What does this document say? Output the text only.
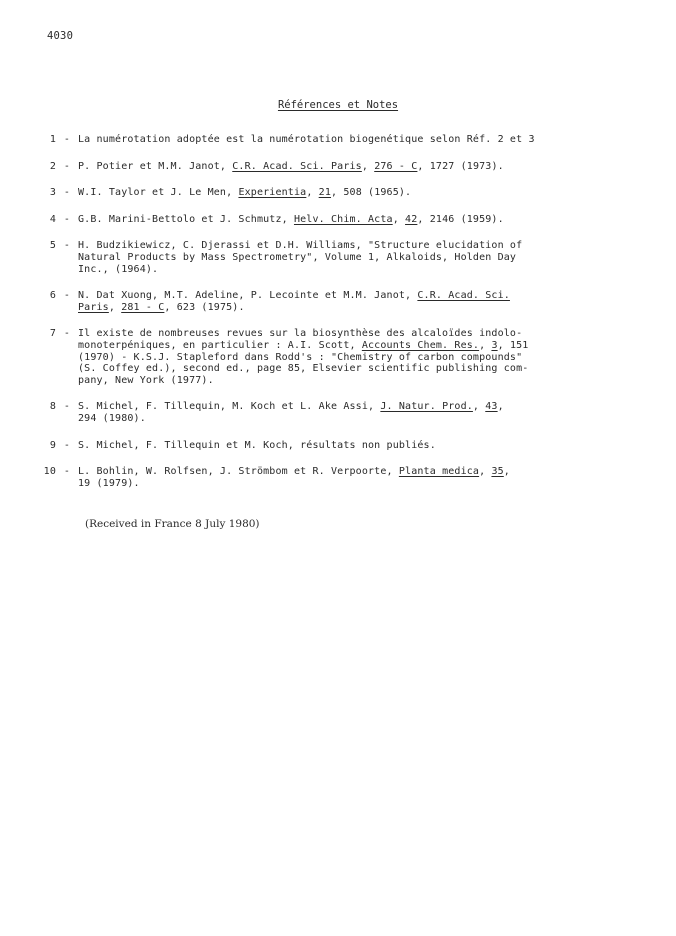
4030
Références et Notes
1 - La numérotation adoptée est la numérotation biogenétique selon Réf. 2 et 3

2 - P. Potier et M.M. Janot, C.R. Acad. Sci. Paris, 276 - C, 1727 (1973).

3 - W.I. Taylor et J. Le Men, Experientia, 21, 508 (1965).

4 - G.B. Marini-Bettolo et J. Schmutz, Helv. Chim. Acta, 42, 2146 (1959).

5 - H. Budzikiewicz, C. Djerassi et D.H. Williams, "Structure elucidation of

Natural Products by Mass Spectrometry", Volume 1, Alkaloids, Holden Day

Inc., (1964).

6 - N. Dat Xuong, M.T. Adeline, P. Lecointe et M.M. Janot, C.R. Acad. Sci.

Paris, 281 - C, 623 (1975).

7 - Il existe de nombreuses revues sur la biosynthèse des alcaloïdes indolo-

monoterpéniques, en particulier : A.I. Scott, Accounts Chem. Res., 3, 151

(1970) - K.S.J. Stapleford dans Rodd's : "Chemistry of carbon compounds"

(S. Coffey ed.), second ed., page 85, Elsevier scientific publishing com-

pany, New York (1977).

8 - S. Michel, F. Tillequin, M. Koch et L. Ake Assi, J. Natur. Prod., 43,

294 (1980).

9 - S. Michel, F. Tillequin et M. Koch, résultats non publiés.

10 - L. Bohlin, W. Rolfsen, J. Strömbom et R. Verpoorte, Planta medica, 35,

19 (1979).

(Received in France 8 July 1980)
